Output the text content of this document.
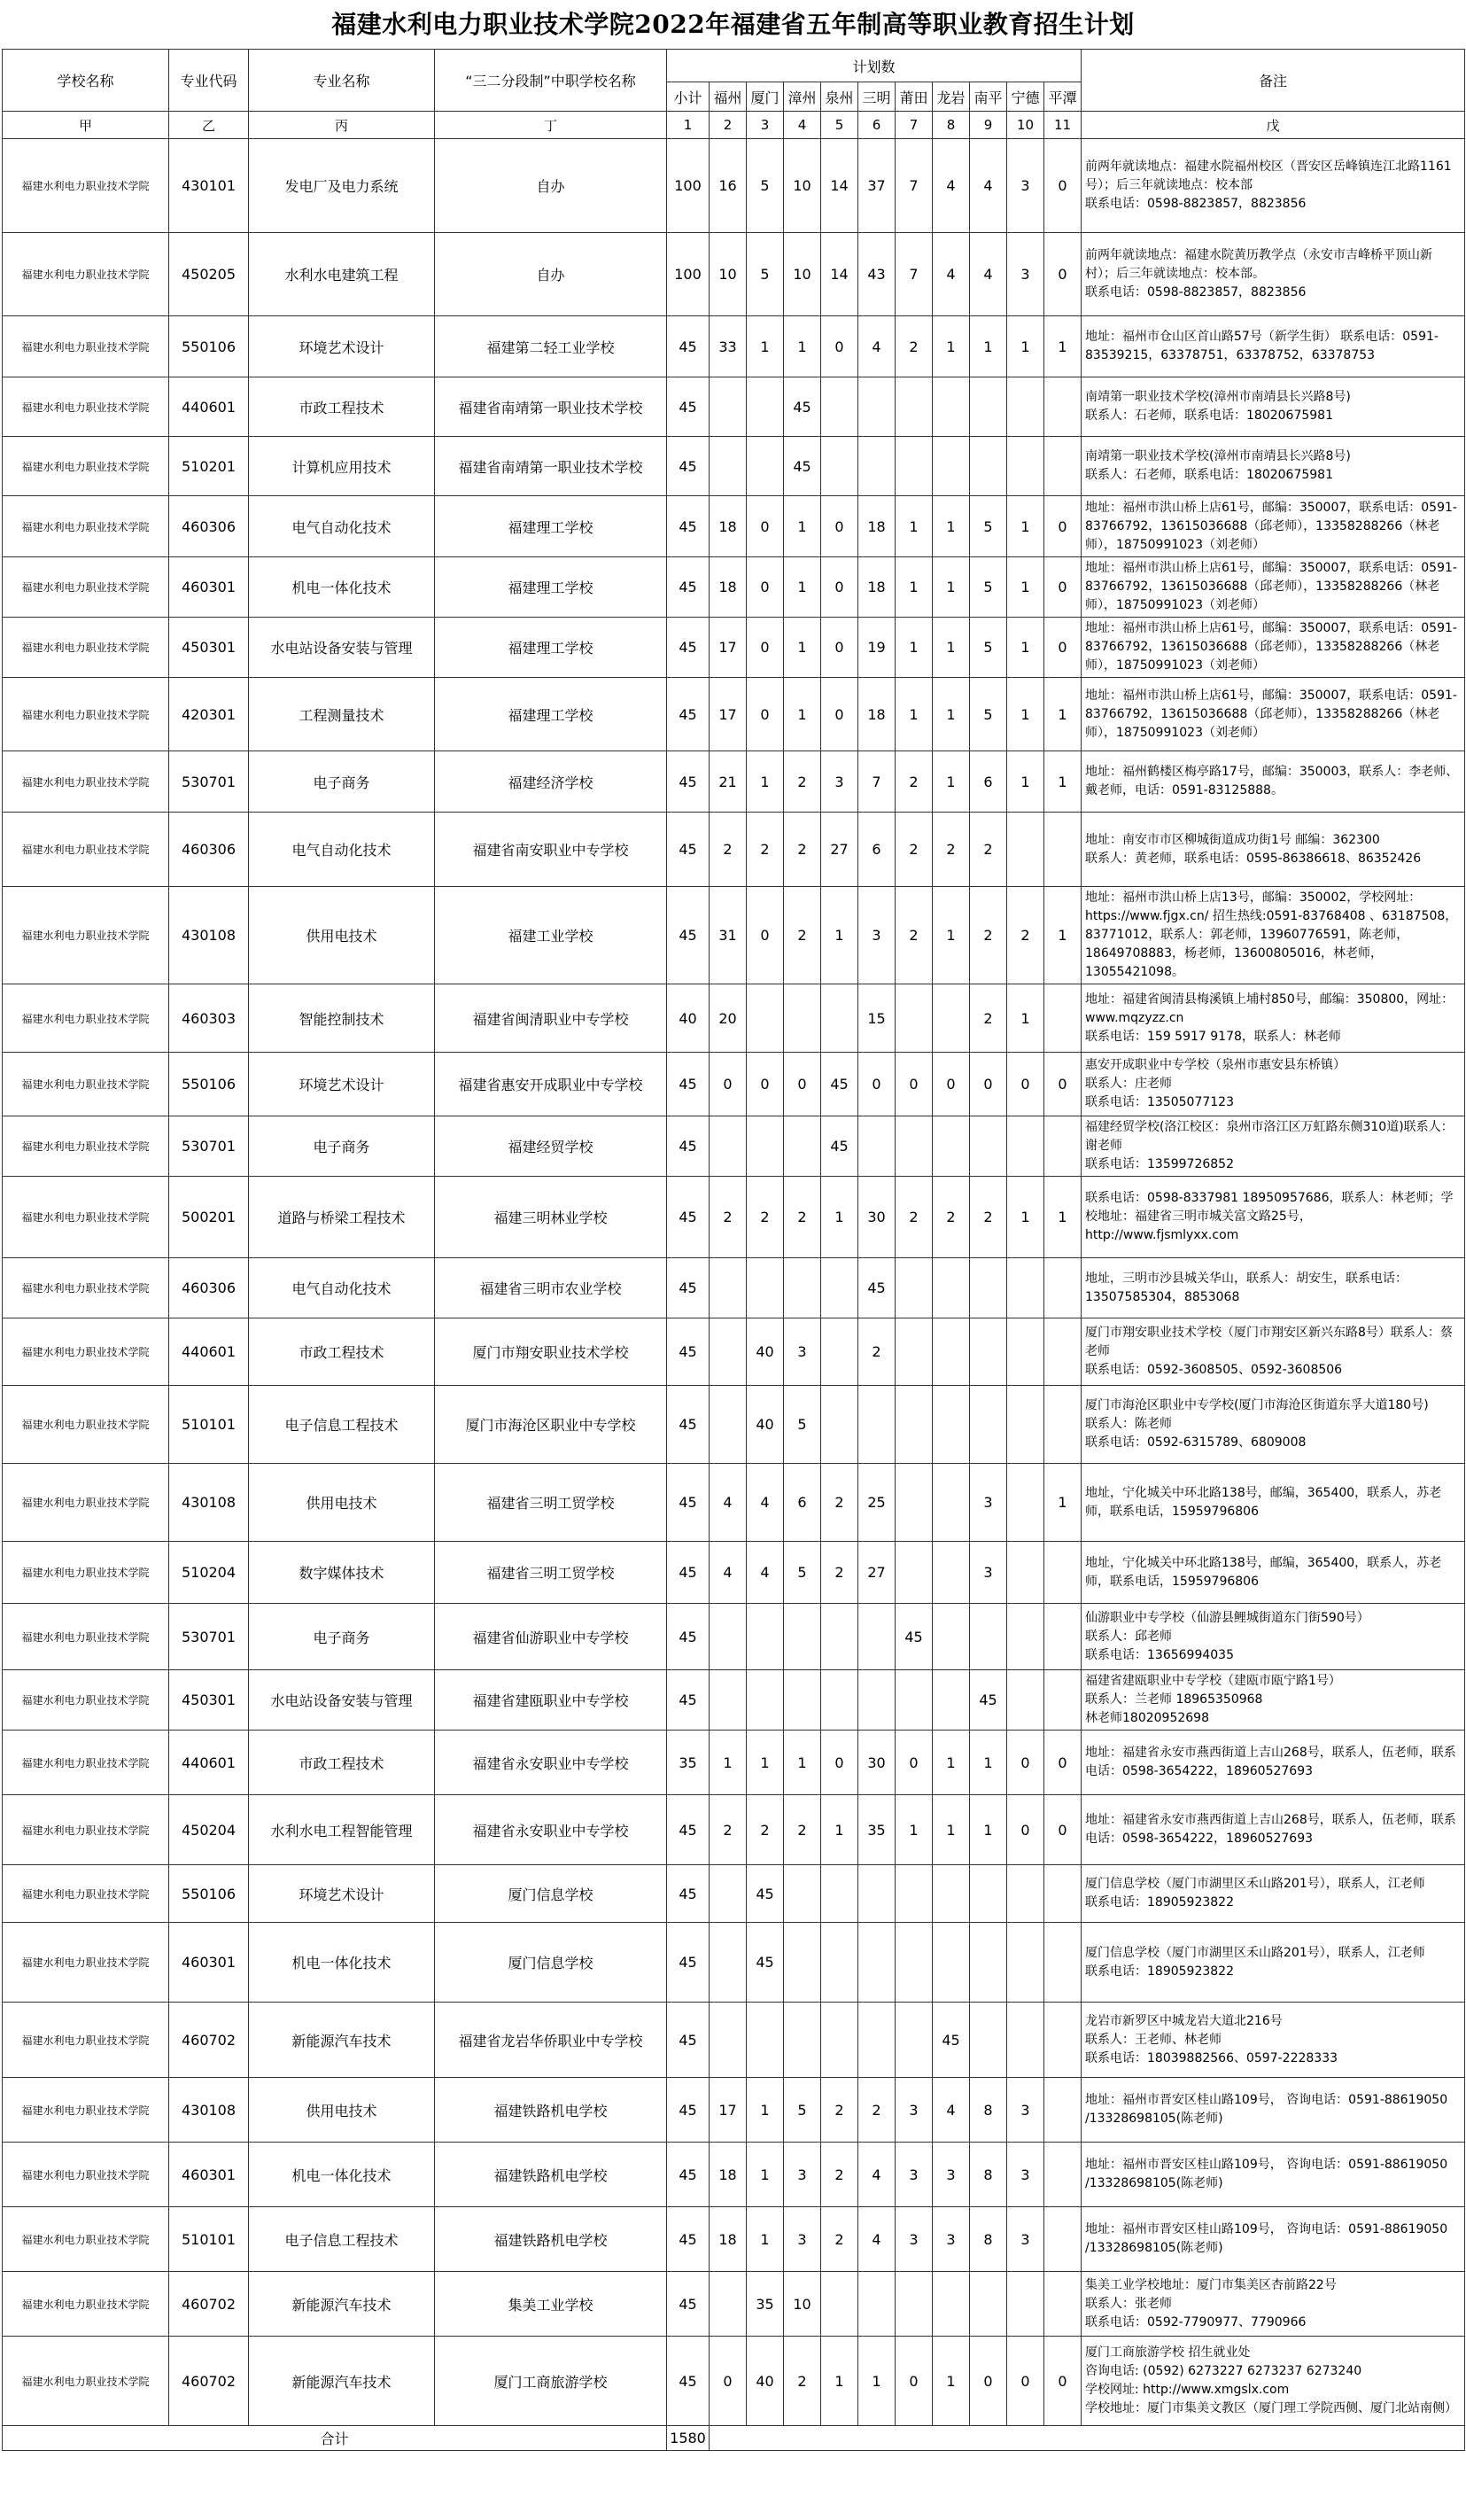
福建水利电力职业技术学院2022年福建省五年制高等职业教育招生计划
学校名称	专业代码	专业名称	“三二分段制”中职学校名称	计划数											备注
				小计	福州	厦门	漳州	泉州	三明	莆田	龙岩	南平	宁德	平潭	
甲	乙	丙	丁	1	2	3	4	5	6	7	8	9	10	11	戊
福建水利电力职业技术学院	430101	发电厂及电力系统	自办	100	16	5	10	14	37	7	4	4	3	0	前两年就读地点：福建水院福州校区（晋安区岳峰镇连江北路1161号）；后三年就读地点：校本部
联系电话：0598-8823857，8823856
福建水利电力职业技术学院	450205	水利水电建筑工程	自办	100	10	5	10	14	43	7	4	4	3	0	前两年就读地点：福建水院黄历教学点（永安市吉峰桥平顶山新村）；后三年就读地点：校本部。
联系电话：0598-8823857，8823856
福建水利电力职业技术学院	550106	环境艺术设计	福建第二轻工业学校	45	33	1	1	0	4	2	1	1	1	1	地址：福州市仓山区首山路57号（新学生街） 联系电话：0591-83539215，63378751，63378752，63378753
福建水利电力职业技术学院	440601	市政工程技术	福建省南靖第一职业技术学校	45			45								南靖第一职业技术学校(漳州市南靖县长兴路8号)
联系人：石老师，联系电话：18020675981
福建水利电力职业技术学院	510201	计算机应用技术	福建省南靖第一职业技术学校	45			45								南靖第一职业技术学校(漳州市南靖县长兴路8号)
联系人：石老师，联系电话：18020675981
福建水利电力职业技术学院	460306	电气自动化技术	福建理工学校	45	18	0	1	0	18	1	1	5	1	0	地址：福州市洪山桥上店61号，邮编：350007，联系电话：0591-83766792，13615036688（邱老师），13358288266（林老师），18750991023（刘老师）
福建水利电力职业技术学院	460301	机电一体化技术	福建理工学校	45	18	0	1	0	18	1	1	5	1	0	地址：福州市洪山桥上店61号，邮编：350007，联系电话：0591-83766792，13615036688（邱老师），13358288266（林老师），18750991023（刘老师）
福建水利电力职业技术学院	450301	水电站设备安装与管理	福建理工学校	45	17	0	1	0	19	1	1	5	1	0	地址：福州市洪山桥上店61号，邮编：350007，联系电话：0591-83766792，13615036688（邱老师），13358288266（林老师），18750991023（刘老师）
福建水利电力职业技术学院	420301	工程测量技术	福建理工学校	45	17	0	1	0	18	1	1	5	1	1	地址：福州市洪山桥上店61号，邮编：350007，联系电话：0591-83766792，13615036688（邱老师），13358288266（林老师），18750991023（刘老师）
福建水利电力职业技术学院	530701	电子商务	福建经济学校	45	21	1	2	3	7	2	1	6	1	1	地址：福州鹤楼区梅亭路17号，邮编：350003，联系人：李老师、戴老师，电话：0591-83125888。
福建水利电力职业技术学院	460306	电气自动化技术	福建省南安职业中专学校	45	2	2	2	27	6	2	2	2			地址：南安市市区柳城街道成功街1号 邮编：362300
联系人：黄老师，联系电话：0595-86386618、86352426
福建水利电力职业技术学院	430108	供用电技术	福建工业学校	45	31	0	2	1	3	2	1	2	2	1	地址：福州市洪山桥上店13号，邮编：350002，学校网址：https://www.fjgx.cn/ 招生热线:0591-83768408 、63187508，83771012，联系人：郭老师，13960776591，陈老师，18649708883，杨老师，13600805016，林老师，13055421098。
福建水利电力职业技术学院	460303	智能控制技术	福建省闽清职业中专学校	40	20				15			2	1		地址：福建省闽清县梅溪镇上埔村850号，邮编：350800，网址：www.mqzyzz.cn
联系电话：159 5917 9178，联系人：林老师
福建水利电力职业技术学院	550106	环境艺术设计	福建省惠安开成职业中专学校	45	0	0	0	45	0	0	0	0	0	0	惠安开成职业中专学校（泉州市惠安县东桥镇）
联系人：庄老师
联系电话：13505077123
福建水利电力职业技术学院	530701	电子商务	福建经贸学校	45				45							福建经贸学校(洛江校区：泉州市洛江区万虹路东侧310道)联系人：谢老师
联系电话：13599726852
福建水利电力职业技术学院	500201	道路与桥梁工程技术	福建三明林业学校	45	2	2	2	1	30	2	2	2	1	1	联系电话：0598-8337981 18950957686，联系人：林老师；学校地址：福建省三明市城关富文路25号，http://www.fjsmlyxx.com
福建水利电力职业技术学院	460306	电气自动化技术	福建省三明市农业学校	45					45						地址，三明市沙县城关华山，联系人：胡安生，联系电话：13507585304，8853068
福建水利电力职业技术学院	440601	市政工程技术	厦门市翔安职业技术学校	45		40	3		2						厦门市翔安职业技术学校（厦门市翔安区新兴东路8号）联系人：蔡老师
联系电话：0592-3608505、0592-3608506
福建水利电力职业技术学院	510101	电子信息工程技术	厦门市海沧区职业中专学校	45		40	5								厦门市海沧区职业中专学校(厦门市海沧区街道东孚大道180号)
联系人：陈老师
联系电话：0592-6315789、6809008
福建水利电力职业技术学院	430108	供用电技术	福建省三明工贸学校	45	4	4	6	2	25			3		1	地址，宁化城关中环北路138号，邮编，365400，联系人，苏老师，联系电话，15959796806
福建水利电力职业技术学院	510204	数字媒体技术	福建省三明工贸学校	45	4	4	5	2	27			3			地址，宁化城关中环北路138号，邮编，365400，联系人，苏老师，联系电话，15959796806
福建水利电力职业技术学院	530701	电子商务	福建省仙游职业中专学校	45						45					仙游职业中专学校（仙游县鲤城街道东门街590号）
联系人：邱老师
联系电话：13656994035
福建水利电力职业技术学院	450301	水电站设备安装与管理	福建省建瓯职业中专学校	45								45			福建省建瓯职业中专学校（建瓯市瓯宁路1号）
联系人：兰老师 18965350968
林老师18020952698
福建水利电力职业技术学院	440601	市政工程技术	福建省永安职业中专学校	35	1	1	1	0	30	0	1	1	0	0	地址：福建省永安市燕西街道上吉山268号，联系人，伍老师，联系电话：0598-3654222，18960527693
福建水利电力职业技术学院	450204	水利水电工程智能管理	福建省永安职业中专学校	45	2	2	2	1	35	1	1	1	0	0	地址：福建省永安市燕西街道上吉山268号，联系人，伍老师，联系电话：0598-3654222，18960527693
福建水利电力职业技术学院	550106	环境艺术设计	厦门信息学校	45		45									厦门信息学校（厦门市湖里区禾山路201号），联系人，江老师
联系电话：18905923822
福建水利电力职业技术学院	460301	机电一体化技术	厦门信息学校	45		45									厦门信息学校（厦门市湖里区禾山路201号），联系人，江老师
联系电话：18905923822
福建水利电力职业技术学院	460702	新能源汽车技术	福建省龙岩华侨职业中专学校	45							45				龙岩市新罗区中城龙岩大道北216号
联系人：王老师、林老师
联系电话：18039882566、0597-2228333
福建水利电力职业技术学院	430108	供用电技术	福建铁路机电学校	45	17	1	5	2	2	3	4	8	3		地址：福州市晋安区桂山路109号， 咨询电话：0591-88619050 /13328698105(陈老师)
福建水利电力职业技术学院	460301	机电一体化技术	福建铁路机电学校	45	18	1	3	2	4	3	3	8	3		地址：福州市晋安区桂山路109号， 咨询电话：0591-88619050 /13328698105(陈老师)
福建水利电力职业技术学院	510101	电子信息工程技术	福建铁路机电学校	45	18	1	3	2	4	3	3	8	3		地址：福州市晋安区桂山路109号， 咨询电话：0591-88619050 /13328698105(陈老师)
福建水利电力职业技术学院	460702	新能源汽车技术	集美工业学校	45		35	10								集美工业学校地址：厦门市集美区杏前路22号
联系人：张老师
联系电话：0592-7790977、7790966
福建水利电力职业技术学院	460702	新能源汽车技术	厦门工商旅游学校	45	0	40	2	1	1	0	1	0	0	0	厦门工商旅游学校 招生就业处
咨询电话: (0592) 6273227 6273237 6273240
学校网址: http://www.xmgslx.com
学校地址：厦门市集美文教区（厦门理工学院西侧、厦门北站南侧）
合计				1580											
